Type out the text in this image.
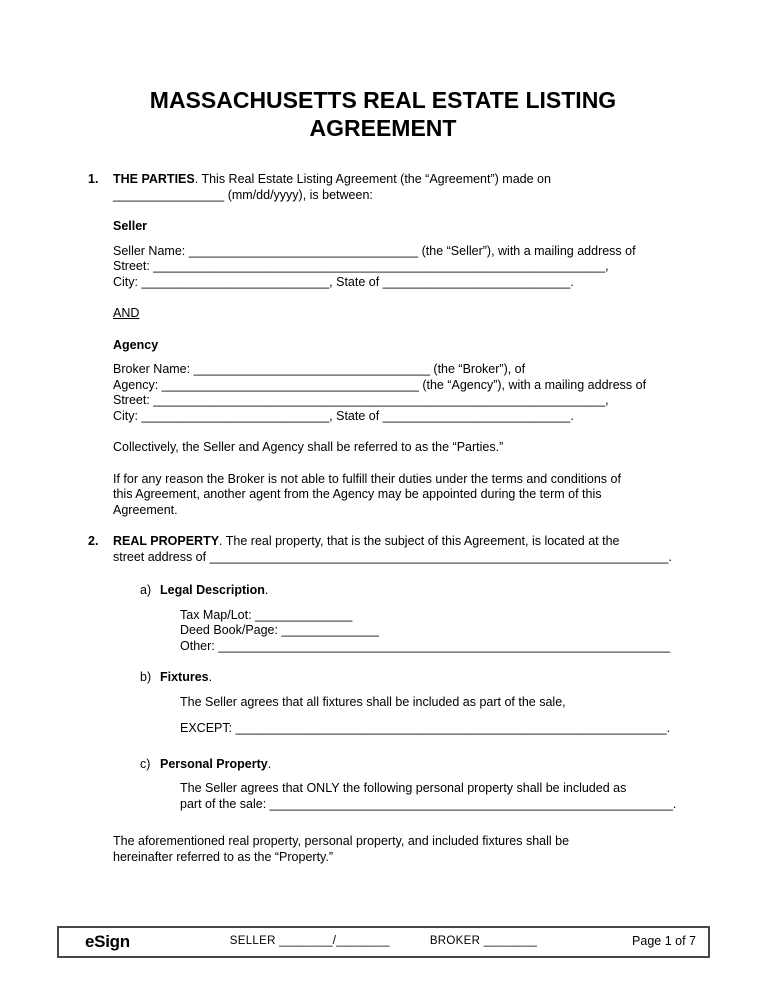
MASSACHUSETTS REAL ESTATE LISTING AGREEMENT
1.	THE PARTIES. This Real Estate Listing Agreement (the “Agreement”) made on
________________ (mm/dd/yyyy), is between:
Seller
Seller Name: _________________________________ (the “Seller”), with a mailing address of
Street: _________________________________________________________________,
City: ___________________________, State of ___________________________.
AND
Agency
Broker Name: __________________________________ (the “Broker”), of
Agency: _____________________________________ (the “Agency”), with a mailing address of
Street: _________________________________________________________________,
City: ___________________________, State of ___________________________.
Collectively, the Seller and Agency shall be referred to as the “Parties.”
If for any reason the Broker is not able to fulfill their duties under the terms and conditions of
this Agreement, another agent from the Agency may be appointed during the term of this
Agreement.
2.	REAL PROPERTY. The real property, that is the subject of this Agreement, is located at the
street address of __________________________________________________________________.
a) Legal Description.
Tax Map/Lot: ______________
Deed Book/Page: ______________
Other: _________________________________________________________________
b) Fixtures.
The Seller agrees that all fixtures shall be included as part of the sale,
EXCEPT: ______________________________________________________________.
c) Personal Property.
The Seller agrees that ONLY the following personal property shall be included as
part of the sale: __________________________________________________________.
The aforementioned real property, personal property, and included fixtures shall be
hereinafter referred to as the “Property.”
eSign	SELLER ________/________	BROKER ________	Page 1 of 7
